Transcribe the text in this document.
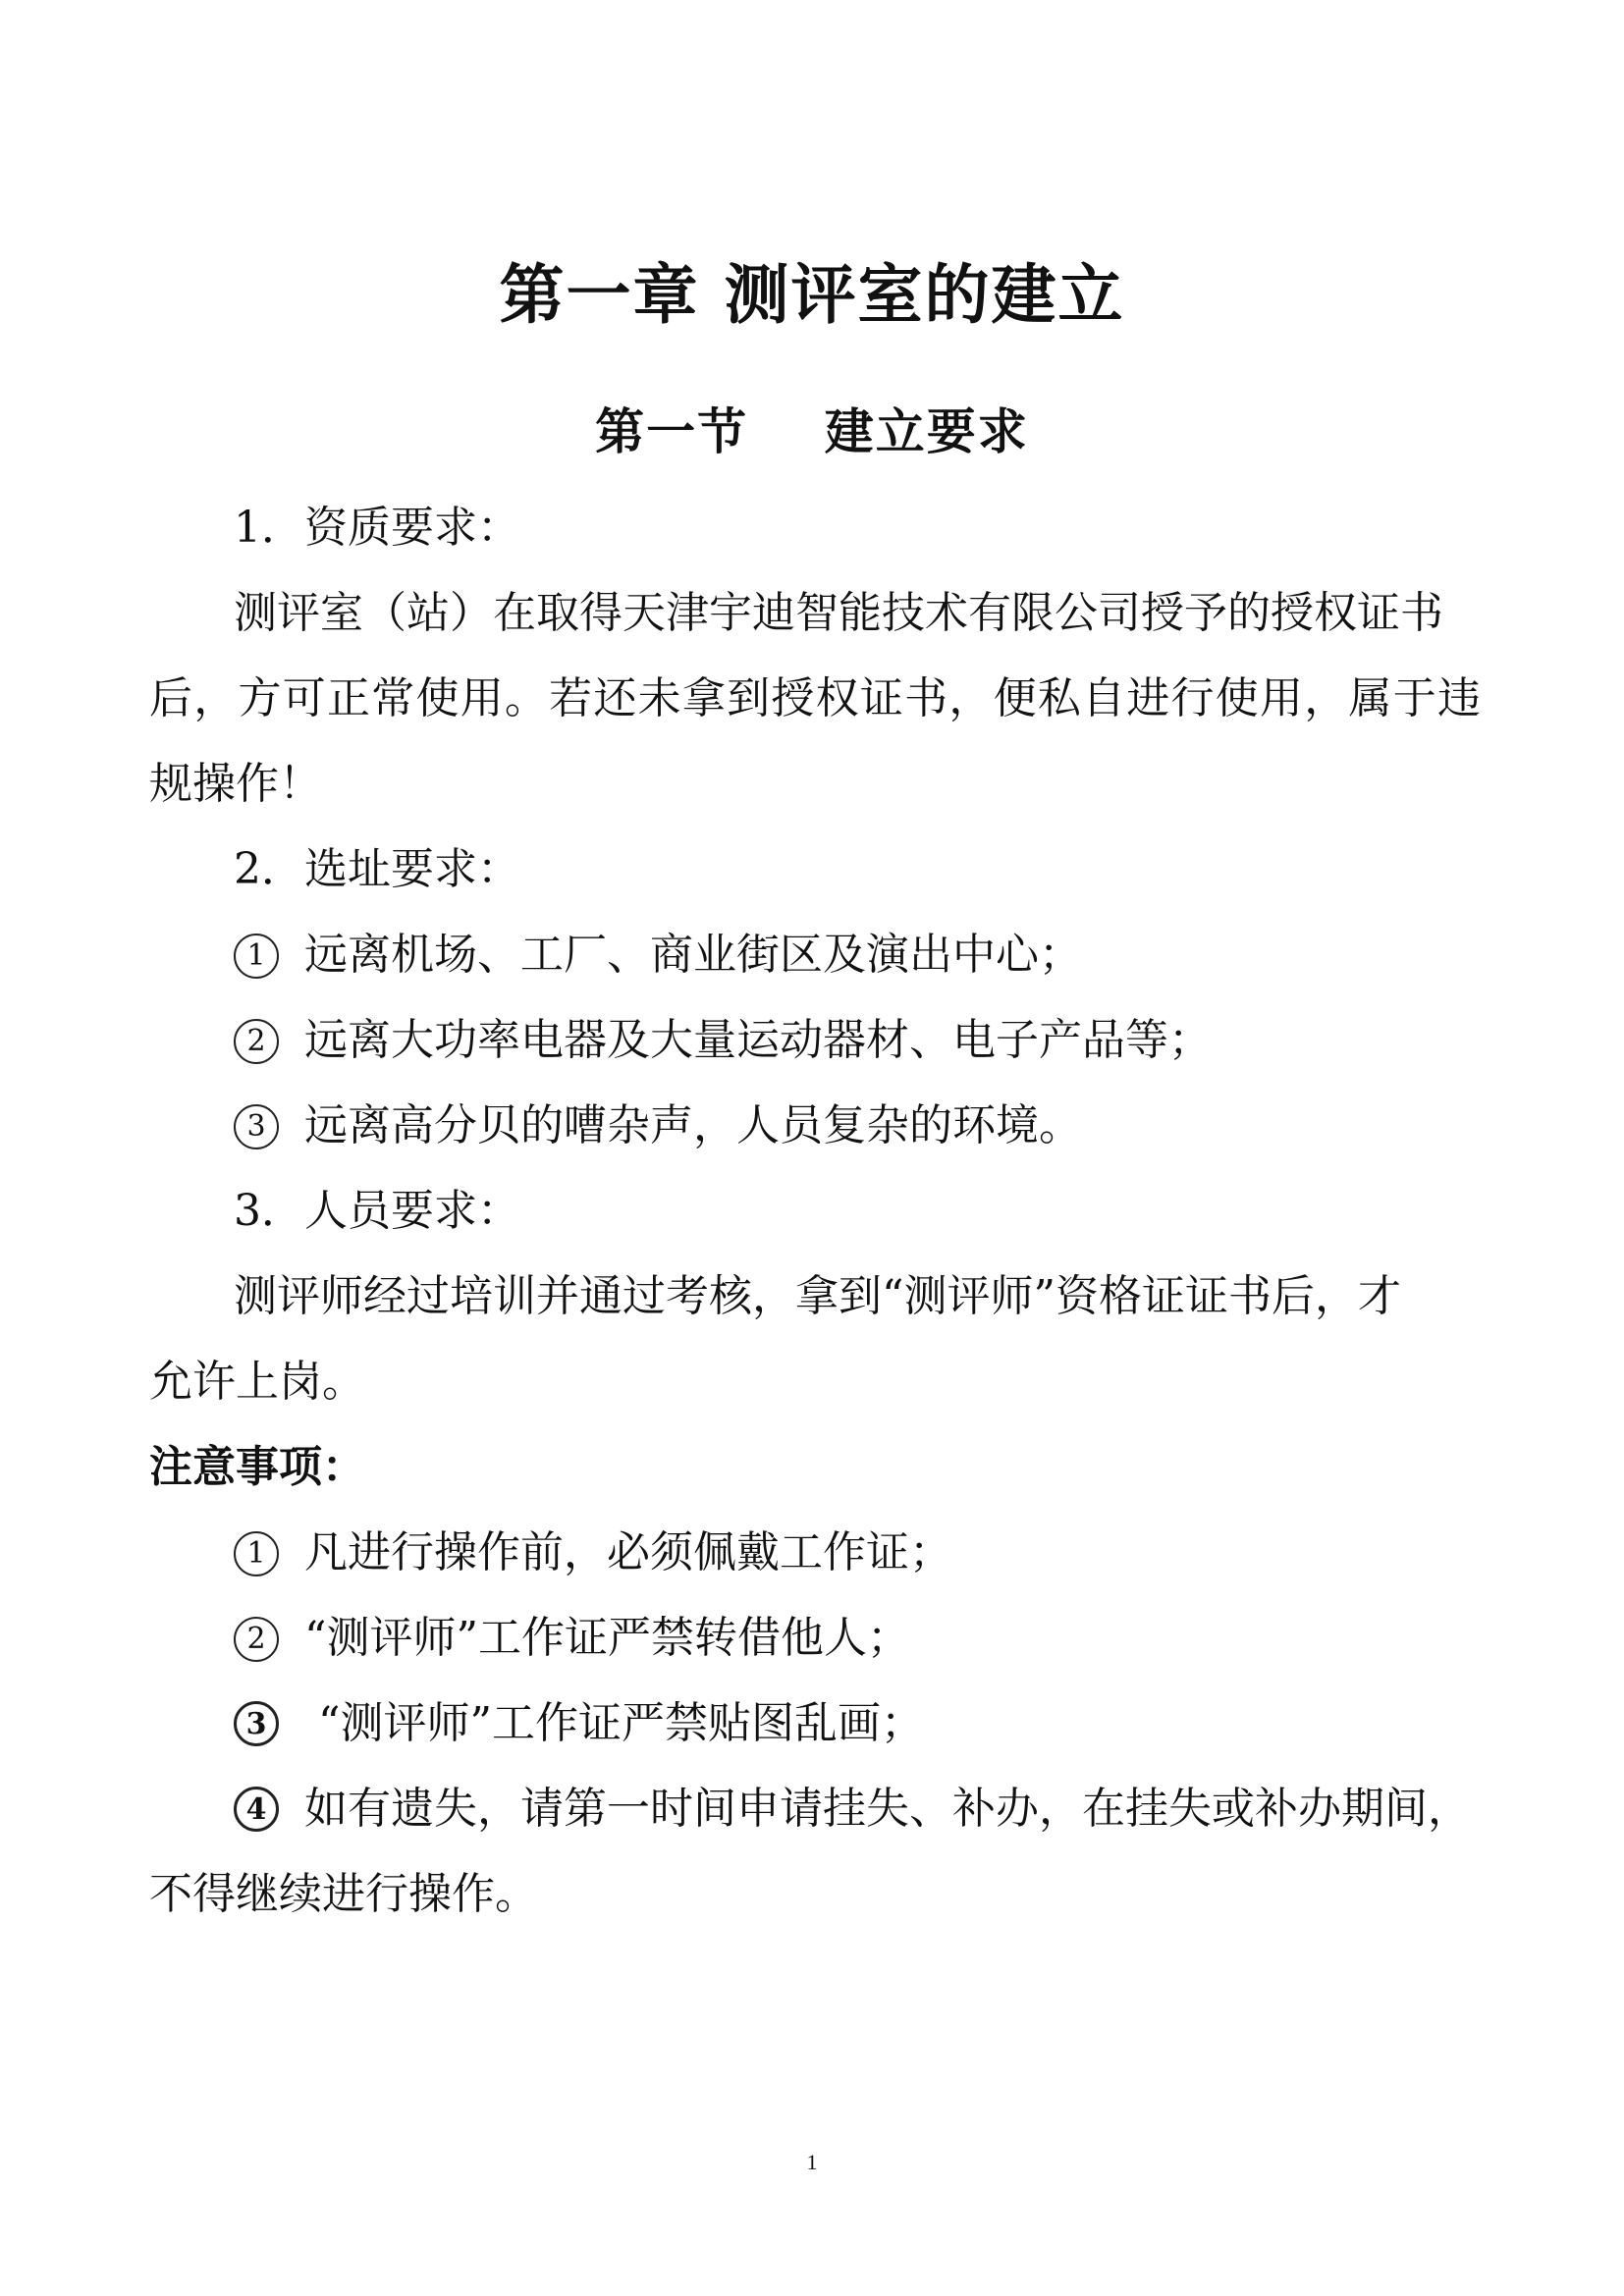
第一章 测评室的建立
第一节    建立要求
1．资质要求：
测评室（站）在取得天津宇迪智能技术有限公司授予的授权证书
后，方可正常使用。若还未拿到授权证书，便私自进行使用，属于违
规操作！
2．选址要求：
1 远离机场、工厂、商业街区及演出中心；
2 远离大功率电器及大量运动器材、电子产品等；
3 远离高分贝的嘈杂声，人员复杂的环境。
3．人员要求：
测评师经过培训并通过考核，拿到“测评师”资格证证书后，才
允许上岗。
注意事项：
1 凡进行操作前，必须佩戴工作证；
2 “测评师”工作证严禁转借他人；
3 “测评师”工作证严禁贴图乱画；
4 如有遗失，请第一时间申请挂失、补办，在挂失或补办期间，
不得继续进行操作。
1
